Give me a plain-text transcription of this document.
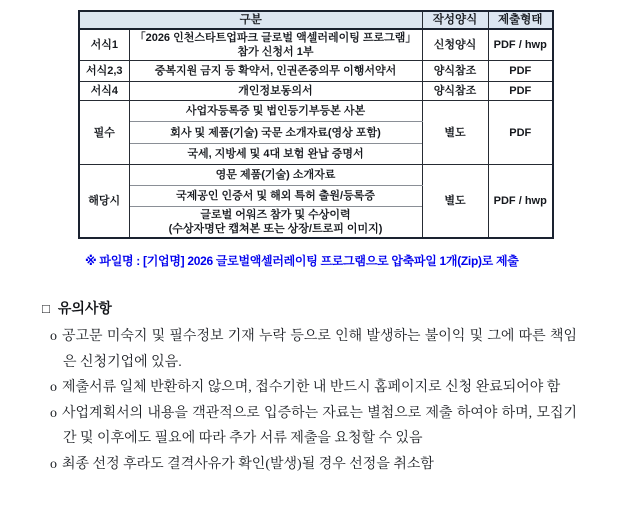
구분		작성양식	제출형태
서식1	「2026 인천스타트업파크 글로벌 액셀러레이팅 프로그램」
참가 신청서 1부	신청양식	PDF / hwp
서식2,3	중복지원 금지 등 확약서, 인권존중의무 이행서약서	양식참조	PDF
서식4	개인정보동의서	양식참조	PDF
필수	사업자등록증 및 법인등기부등본 사본	별도	PDF
	회사 및 제품(기술) 국문 소개자료(영상 포함)		
	국세, 지방세 및 4대 보험 완납 증명서		
해당시	영문 제품(기술) 소개자료	별도	PDF / hwp
	국제공인 인증서 및 해외 특허 출원/등록증		

	글로벌 어워즈 참가 및 수상이력
(수상자명단 캡쳐본 또는 상장/트로피 이미지)		
※ 파일명 : [기업명] 2026 글로벌액셀러레이팅 프로그램으로 압축파일 1개(Zip)로 제출
□ 유의사항
o 공고문 미숙지 및 필수정보 기재 누락 등으로 인해 발생하는 불이익 및 그에 따른 책임은 신청기업에 있음.
o 제출서류 일체 반환하지 않으며, 접수기한 내 반드시 홈페이지로 신청 완료되어야 함
o 사업계획서의 내용을 객관적으로 입증하는 자료는 별첨으로 제출 하여야 하며, 모집기간 및 이후에도 필요에 따라 추가 서류 제출을 요청할 수 있음
o 최종 선정 후라도 결격사유가 확인(발생)될 경우 선정을 취소함
